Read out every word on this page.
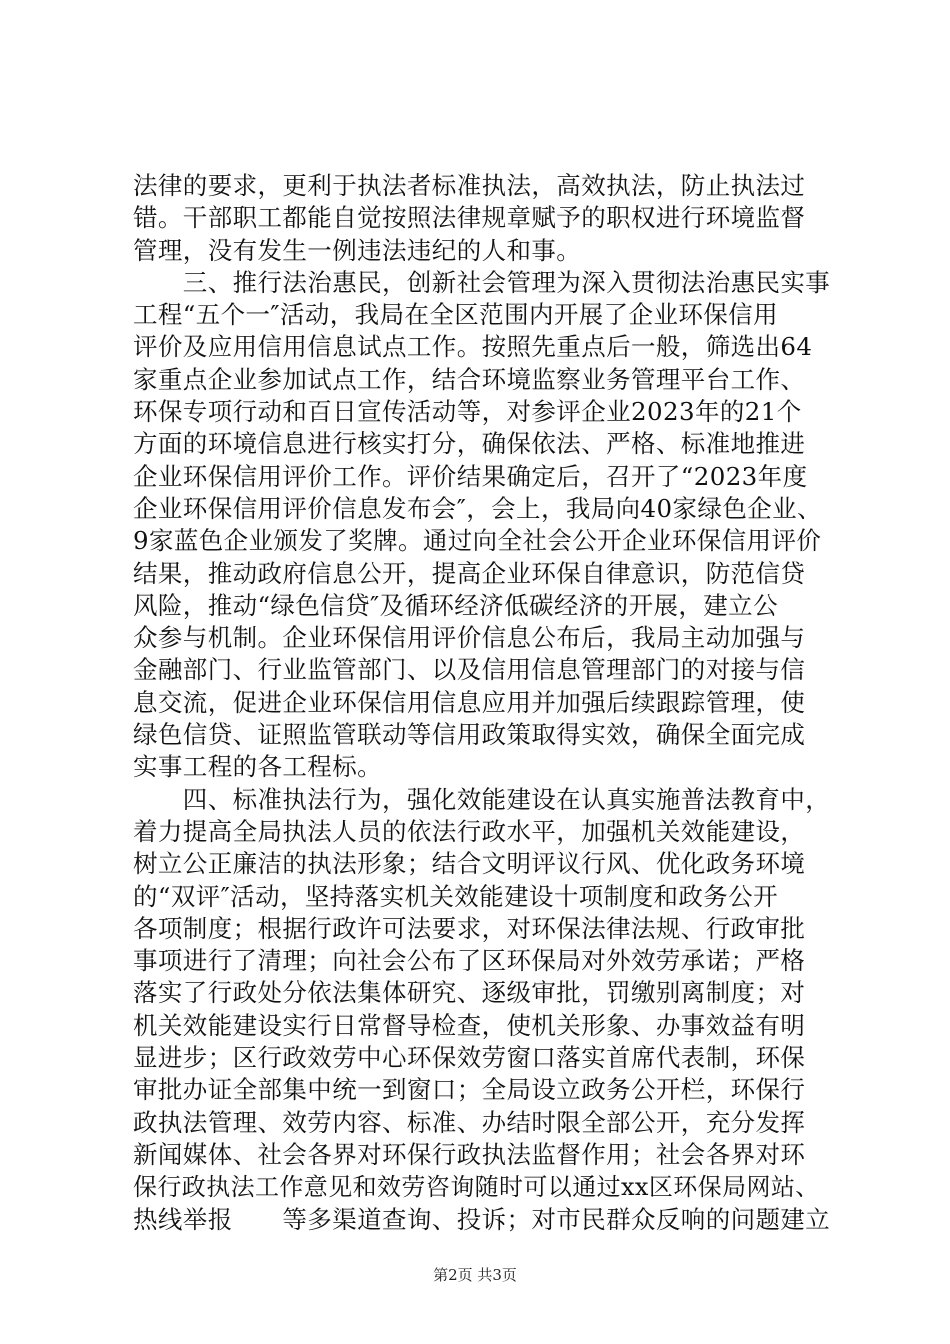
法律的要求，更利于执法者标准执法，高效执法，防止执法过
错。干部职工都能自觉按照法律规章赋予的职权进行环境监督
管理，没有发生一例违法违纪的人和事。
　　三、推行法治惠民，创新社会管理为深入贯彻法治惠民实事
工程“五个一″活动，我局在全区范围内开展了企业环保信用
评价及应用信用信息试点工作。按照先重点后一般，筛选出64
家重点企业参加试点工作，结合环境监察业务管理平台工作、
环保专项行动和百日宣传活动等，对参评企业2023年的21个
方面的环境信息进行核实打分，确保依法、严格、标准地推进
企业环保信用评价工作。评价结果确定后，召开了“2023年度
企业环保信用评价信息发布会″，会上，我局向40家绿色企业、
9家蓝色企业颁发了奖牌。通过向全社会公开企业环保信用评价
结果，推动政府信息公开，提高企业环保自律意识，防范信贷
风险，推动“绿色信贷″及循环经济低碳经济的开展，建立公
众参与机制。企业环保信用评价信息公布后，我局主动加强与
金融部门、行业监管部门、以及信用信息管理部门的对接与信
息交流，促进企业环保信用信息应用并加强后续跟踪管理，使
绿色信贷、证照监管联动等信用政策取得实效，确保全面完成
实事工程的各工程标。
　　四、标准执法行为，强化效能建设在认真实施普法教育中，
着力提高全局执法人员的依法行政水平，加强机关效能建设，
树立公正廉洁的执法形象；结合文明评议行风、优化政务环境
的“双评″活动，坚持落实机关效能建设十项制度和政务公开
各项制度；根据行政许可法要求，对环保法律法规、行政审批
事项进行了清理；向社会公布了区环保局对外效劳承诺；严格
落实了行政处分依法集体研究、逐级审批，罚缴别离制度；对
机关效能建设实行日常督导检查，使机关形象、办事效益有明
显进步；区行政效劳中心环保效劳窗口落实首席代表制，环保
审批办证全部集中统一到窗口；全局设立政务公开栏，环保行
政执法管理、效劳内容、标准、办结时限全部公开，充分发挥
新闻媒体、社会各界对环保行政执法监督作用；社会各界对环
保行政执法工作意见和效劳咨询随时可以通过xx区环保局网站、
热线举报　　等多渠道查询、投诉；对市民群众反响的问题建立
第2页 共3页
